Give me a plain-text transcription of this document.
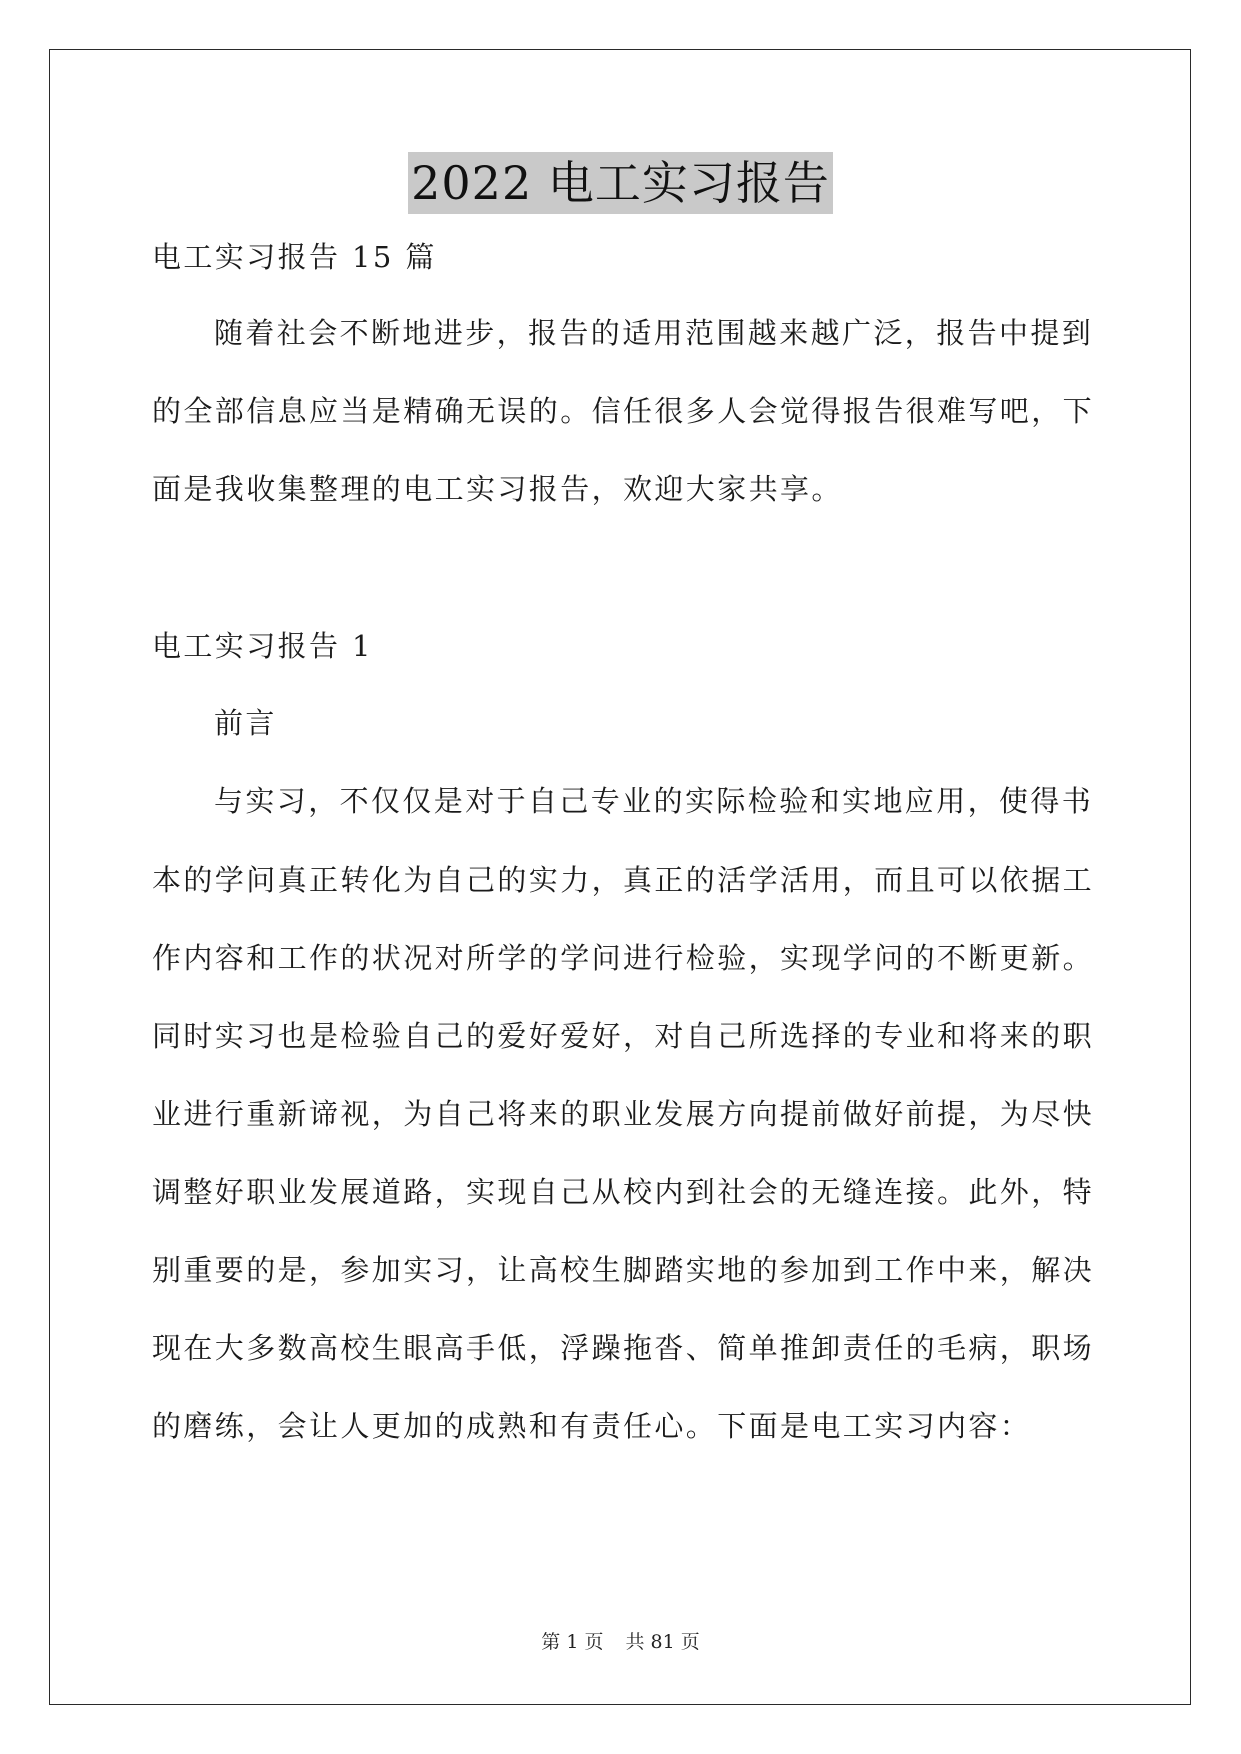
2022 电工实习报告
电工实习报告 15 篇
随着社会不断地进步，报告的适用范围越来越广泛，报告中提到
的全部信息应当是精确无误的。信任很多人会觉得报告很难写吧，下
面是我收集整理的电工实习报告，欢迎大家共享。
电工实习报告 1
前言
与实习，不仅仅是对于自己专业的实际检验和实地应用，使得书
本的学问真正转化为自己的实力，真正的活学活用，而且可以依据工
作内容和工作的状况对所学的学问进行检验，实现学问的不断更新。
同时实习也是检验自己的爱好爱好，对自己所选择的专业和将来的职
业进行重新谛视，为自己将来的职业发展方向提前做好前提，为尽快
调整好职业发展道路，实现自己从校内到社会的无缝连接。此外，特
别重要的是，参加实习，让高校生脚踏实地的参加到工作中来，解决
现在大多数高校生眼高手低，浮躁拖沓、简单推卸责任的毛病，职场
的磨练，会让人更加的成熟和有责任心。下面是电工实习内容：
第 1 页 共 81 页
